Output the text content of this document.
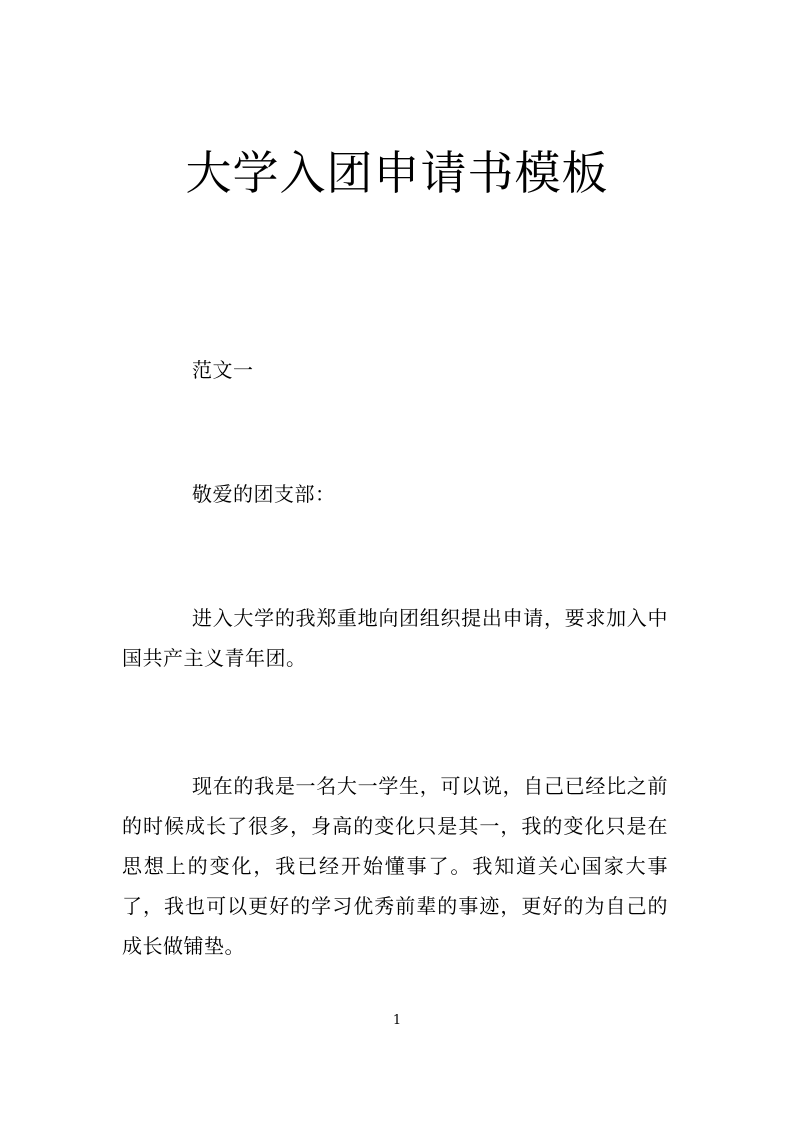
大学入团申请书模板

范文一

敬爱的团支部：

进入大学的我郑重地向团组织提出申请，要求加入中国共产主义青年团。

现在的我是一名大一学生，可以说，自己已经比之前的时候成长了很多，身高的变化只是其一，我的变化只是在思想上的变化，我已经开始懂事了。我知道关心国家大事了，我也可以更好的学习优秀前辈的事迹，更好的为自己的成长做铺垫。

1
